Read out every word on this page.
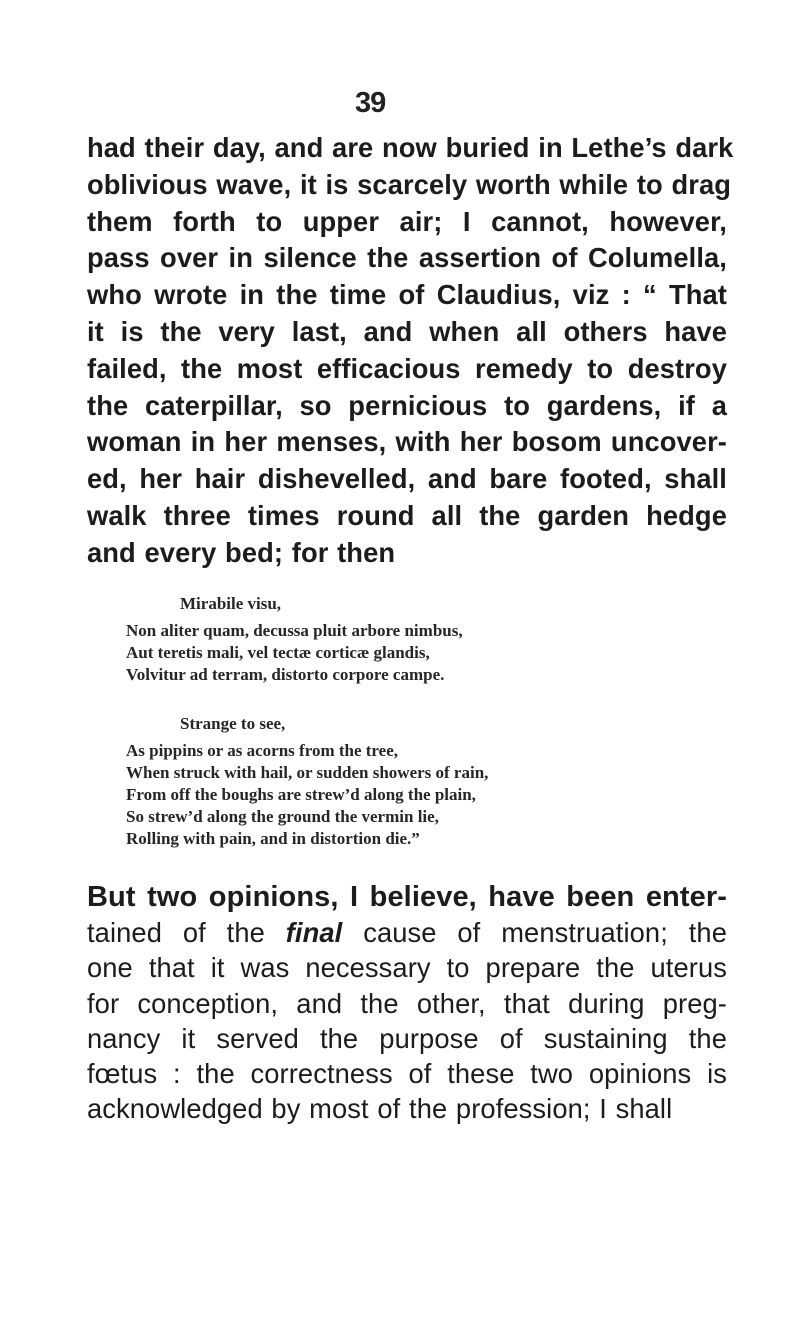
39
had their day, and are now buried in Lethe’s dark
oblivious wave, it is scarcely worth while to drag
them forth to upper air; I cannot, however,
pass over in silence the assertion of Columella,
who wrote in the time of Claudius, viz : “ That
it is the very last, and when all others have
failed, the most efficacious remedy to destroy
the caterpillar, so pernicious to gardens, if a
woman in her menses, with her bosom uncover-
ed, her hair dishevelled, and bare footed, shall
walk three times round all the garden hedge
and every bed; for then
Mirabile visu,
Non aliter quam, decussa pluit arbore nimbus,
Aut teretis mali, vel tectæ corticæ glandis,
Volvitur ad terram, distorto corpore campe.
Strange to see,
As pippins or as acorns from the tree,
When struck with hail, or sudden showers of rain,
From off the boughs are strew’d along the plain,
So strew’d along the ground the vermin lie,
Rolling with pain, and in distortion die.”
But two opinions, I believe, have been enter-
tained of the final cause of menstruation; the
one that it was necessary to prepare the uterus
for conception, and the other, that during preg-
nancy it served the purpose of sustaining the
fœtus : the correctness of these two opinions is
acknowledged by most of the profession; I shall
